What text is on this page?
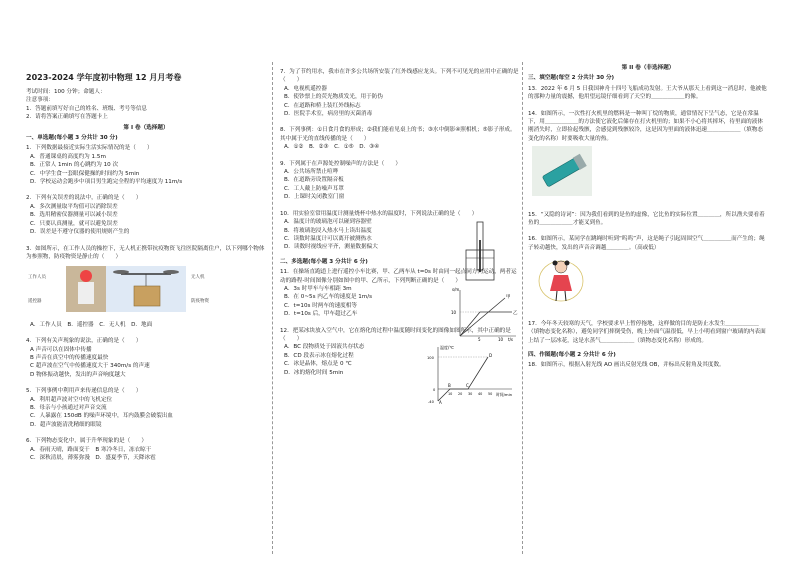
2023-2024 学年度初中物理 12 月月考卷

考试时间：100 分钟；命题人：

注意事项：

1．答题前填写好自己的姓名、班级、考号等信息

2．请将答案正确填写在答题卡上

第 I 卷（选择题）

一、单选题(每小题 3 分共计 30 分)

1．下列数据最接近实际生活实际情况的是（　　）

A．普通课桌的高度约为 1.5m

B．正常人 1min 的心跳约为 10 次

C．中学生食一套眼保健操的时间约为 5min

D．学校运动会跑步中项目男生跑完全程的平均速度为 11m/s

2．下列有关误差的说法中，正确的是（　　）

A．多次测量取平均值可以消除误差

B．选用精密仪器测量可以减小误差

C．只要认真测量，就可以避免误差

D．误差是不遵守仪器的使用规则产生的

3．如图所示，在工作人员的操控下，无人机正携带抗疫物资飞往医院隔离住户，以下列哪个物体为参照物，防疫物资是静止的（　　）

工作人员
遥控器
无人机
防疫物资

A．工作人员　B．遥控器　C．无人机　D．地面

4．下列有关声现象的说法，正确的是（　　）

A 声音可以在固体中传播

B 声音在真空中的传播速度最快

C 超声波在空气中传播速度大于 340m/s 的声速

D 物体振动越快，发出的声音响度越大

5．下列事例中利用声来传递信息的是（　　）

A．利用超声波对空中的飞机定位

B．母亲与小孩通过对声音交流

C．人暴露在 150dB 的噪声环境中，耳内鼓膜会破裂出血

D．超声波能清洗精细的眼镜

6．下列物态变化中，属于升华现象的是（　　）

A．春雨天晴，路面变干　B 寒冷冬日，冻衣晾干

C．深秋清晨，薄雾弥漫　D．盛夏季节，天降冰雹

7．为了节约用水，我市在许多公共场所安装了红外线感应龙头。下列不可见光的应用中正确的是（　　）

A．电视机遥控器

B．使钞票上的荧光物质发光，用于防伪

C．在道路和桥上装红外线标志

D．医院手术室，病房里的灭菌消毒

8．下列事例：①日食月食的形成；②我们能看见桌上的书；③水中倒影④照相机；⑤影子形成。其中属于光的直线传播的是（　　）

A．①②　B．②③　C．①⑤　D．③④

9．下列属于在声源处控制噪声的方法是（　　）

A．公共场所禁止喧哗

B．在道路旁设置隔音板

C．工人戴上防噪声耳罩

D．上课时关闭教室门窗

10．用实验室常用温度计测量烧杯中热水的温度时，下列说法正确的是（　　）

A．温度计的玻璃泡可以碰到容器壁

B．将玻璃泡浸入热水马上读出温度

C．读数时温度计可以离开被测热水

D．读数时视线应平齐，测量数据偏大

二、多选题(每小题 3 分共计 6 分)

11．在操场直跑道上进行遥控小车比赛，甲、乙两车从 t=0s 时由同一起点同方向运动，两者运动的路程-时间图像分别如图中的甲、乙所示，下列判断正确的是（　　）

A．3s 时甲车与车相距 3m

B．在 0~5s 内乙车的速度是 1m/s

C．t=10s 时两车的速度相等

D．t=10s 后，甲车超过乙车

s/m
t/s
甲
乙
10
5	10

12．把某冰块放入空气中，它在熔化的过程中温度随时间变化的图像如图所示，其中正确的是（　　）

A．BC 段物质处于固液共存状态

B．CD 段表示冰在熔化过程

C．冰是晶体，熔点是 0 ℃

D．冰的熔化时间 5min

温度/℃
时间/min
A
B	C
D
100
0
-40
10 20 30 40 50
第 II 卷（非选择题）

三、填空题(每空 2 分共计 30 分)

13．2022 年 6 月 5 日我国神舟十四号飞船成功发射。王大爷从那天上看到这一消息时，他被他的那种力量的震撼，他用望远镜仔细看到了天空的＿＿＿＿＿＿的像。

14．如图所示，一次性打火机里的燃料是一种叫丁烷的物质，通常情况下呈气态，它是在常温下，用＿＿＿＿＿＿的方法使它液化后储存在打火机里的；如果不小心将其摔坏，待里面的液体刚消失时，立即捡起残骸，会感觉到残骸较冷，这是因为里面的液体迅速＿＿＿＿＿＿（填物态变化的名称）时要吸收大量的热。

15．“又隐的诗词”：因为我们看到的是鱼的虚像，它比鱼的实际位置＿＿＿＿，所以渔夫要看着鱼的＿＿＿＿＿＿才能叉到鱼。

16．如图所示，某同学在跳绳时听到“呜呜”声，这是绳子引起周围空气＿＿＿＿＿而产生的；绳子转动越快，发出的声音音调越＿＿＿＿。（高或低）

17．今年冬天较寒的天气，学校要求早上暂停拖地，这样做的目的是防止水发生＿＿＿＿＿＿（填物态变化名称），避免同学们摔倒受伤，晚上外面气温很低，早上小明看到窗户玻璃的内表面上结了一层冰花，这是水蒸气＿＿＿＿＿＿（填物态变化名称）形成的。

四、作图题(每小题 2 分共计 6 分)

18．如图所示，根据入射光线 AO 画出反射光线 OB，并标出反射角及其度数。
